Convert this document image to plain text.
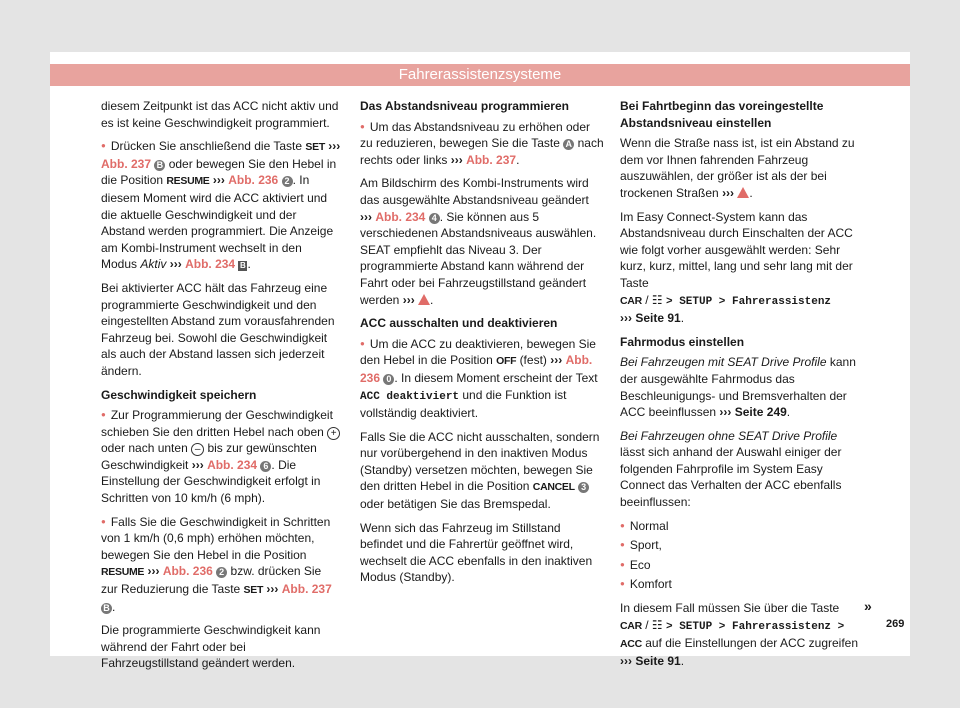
Fahrerassistenzsysteme

diesem Zeitpunkt ist das ACC nicht aktiv und es ist keine Geschwindigkeit programmiert.

● Drücken Sie anschließend die Taste SET ››› Abb. 237 B oder bewegen Sie den Hebel in die Position RESUME ››› Abb. 236 2 . In diesem Moment wird die ACC aktiviert und die aktuelle Geschwindigkeit und der Abstand werden programmiert. Die Anzeige am Kombi-Instrument wechselt in den Modus Aktiv ››› Abb. 234 B .

Bei aktivierter ACC hält das Fahrzeug eine programmierte Geschwindigkeit und den eingestellten Abstand zum vorausfahrenden Fahrzeug bei. Sowohl die Geschwindigkeit als auch der Abstand lassen sich jederzeit ändern.

Geschwindigkeit speichern

● Zur Programmierung der Geschwindigkeit schieben Sie den dritten Hebel nach oben + oder nach unten – bis zur gewünschten Geschwindigkeit ››› Abb. 234 6 . Die Einstellung der Geschwindigkeit erfolgt in Schritten von 10 km/h (6 mph).

● Falls Sie die Geschwindigkeit in Schritten von 1 km/h (0,6 mph) erhöhen möchten, bewegen Sie den Hebel in die Position RESUME ››› Abb. 236 2 bzw. drücken Sie zur Reduzierung die Taste SET ››› Abb. 237 B .

Die programmierte Geschwindigkeit kann während der Fahrt oder bei Fahrzeugstillstand geändert werden.

Das Abstandsniveau programmieren

● Um das Abstandsniveau zu erhöhen oder zu reduzieren, bewegen Sie die Taste A nach rechts oder links ››› Abb. 237.

Am Bildschirm des Kombi-Instruments wird das ausgewählte Abstandsniveau geändert ››› Abb. 234 4 . Sie können aus 5 verschiedenen Abstandsniveaus auswählen. SEAT empfiehlt das Niveau 3. Der programmierte Abstand kann während der Fahrt oder bei Fahrzeugstillstand geändert werden ››› .

ACC ausschalten und deaktivieren

● Um die ACC zu deaktivieren, bewegen Sie den Hebel in die Position OFF (fest) ››› Abb. 236 0 . In diesem Moment erscheint der Text ACC deaktiviert und die Funktion ist vollständig deaktiviert.

Falls Sie die ACC nicht ausschalten, sondern nur vorübergehend in den inaktiven Modus (Standby) versetzen möchten, bewegen Sie den dritten Hebel in die Position CANCEL 3 oder betätigen Sie das Bremspedal.

Wenn sich das Fahrzeug im Stillstand befindet und die Fahrertür geöffnet wird, wechselt die ACC ebenfalls in den inaktiven Modus (Standby).

Bei Fahrtbeginn das voreingestellte Abstandsniveau einstellen

Wenn die Straße nass ist, ist ein Abstand zu dem vor Ihnen fahrenden Fahrzeug auszuwählen, der größer ist als der bei trockenen Straßen ››› .

Im Easy Connect-System kann das Abstandsniveau durch Einschalten der ACC wie folgt vorher ausgewählt werden: Sehr kurz, kurz, mittel, lang und sehr lang mit der Taste
CAR / ☷ > SETUP > Fahrerassistenz
››› Seite 91.

Fahrmodus einstellen

Bei Fahrzeugen mit SEAT Drive Profile kann der ausgewählte Fahrmodus das Beschleunigungs- und Bremsverhalten der ACC beeinflussen ››› Seite 249.

Bei Fahrzeugen ohne SEAT Drive Profile lässt sich anhand der Auswahl einiger der folgenden Fahrprofile im System Easy Connect das Verhalten der ACC ebenfalls beeinflussen:

● Normal

● Sport,

● Eco

● Komfort

In diesem Fall müssen Sie über die Taste
CAR / ☷ > SETUP > Fahrerassistenz >
ACC auf die Einstellungen der ACC zugreifen
››› Seite 91.

»
269
